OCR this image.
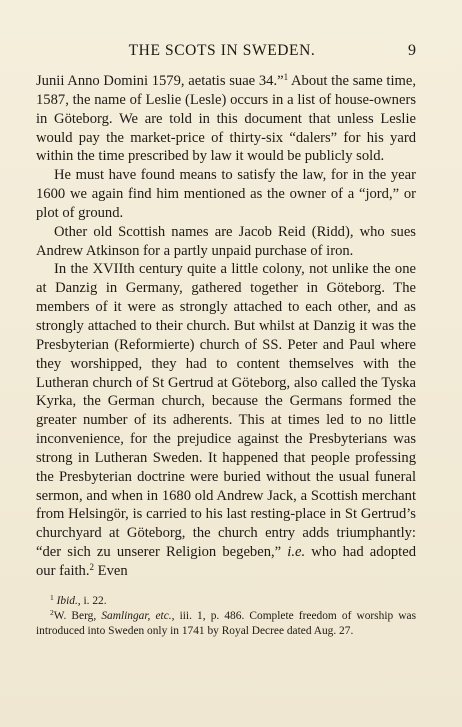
THE SCOTS IN SWEDEN.	9

Junii Anno Domini 1579, aetatis suae 34.”$^1$ About the same time, 1587, the name of Leslie (Lesle) occurs in a list of house-owners in Göteborg. We are told in this document that unless Leslie would pay the market-price of thirty-six “dalers” for his yard within the time prescribed by law it would be publicly sold.

He must have found means to satisfy the law, for in the year 1600 we again find him mentioned as the owner of a “jord,” or plot of ground.

Other old Scottish names are Jacob Reid (Ridd), who sues Andrew Atkinson for a partly unpaid purchase of iron.

In the XVIIth century quite a little colony, not unlike the one at Danzig in Germany, gathered together in Göteborg. The members of it were as strongly attached to each other, and as strongly attached to their church. But whilst at Danzig it was the Presbyterian (Reformierte) church of SS. Peter and Paul where they worshipped, they had to content themselves with the Lutheran church of St Gertrud at Göteborg, also called the Tyska Kyrka, the German church, because the Germans formed the greater number of its adherents. This at times led to no little inconvenience, for the prejudice against the Presbyterians was strong in Lutheran Sweden. It happened that people professing the Presbyterian doctrine were buried without the usual funeral sermon, and when in 1680 old Andrew Jack, a Scottish merchant from Helsingör, is carried to his last resting-place in St Gertrud’s churchyard at Göteborg, the church entry adds triumphantly: “der sich zu unserer Religion begeben,” i.e. who had adopted our faith.$^2$ Even

$^1$ Ibid., i. 22.

$^2$W. Berg, Samlingar, etc., iii. 1, p. 486. Complete freedom of worship was introduced into Sweden only in 1741 by Royal Decree dated Aug. 27.
